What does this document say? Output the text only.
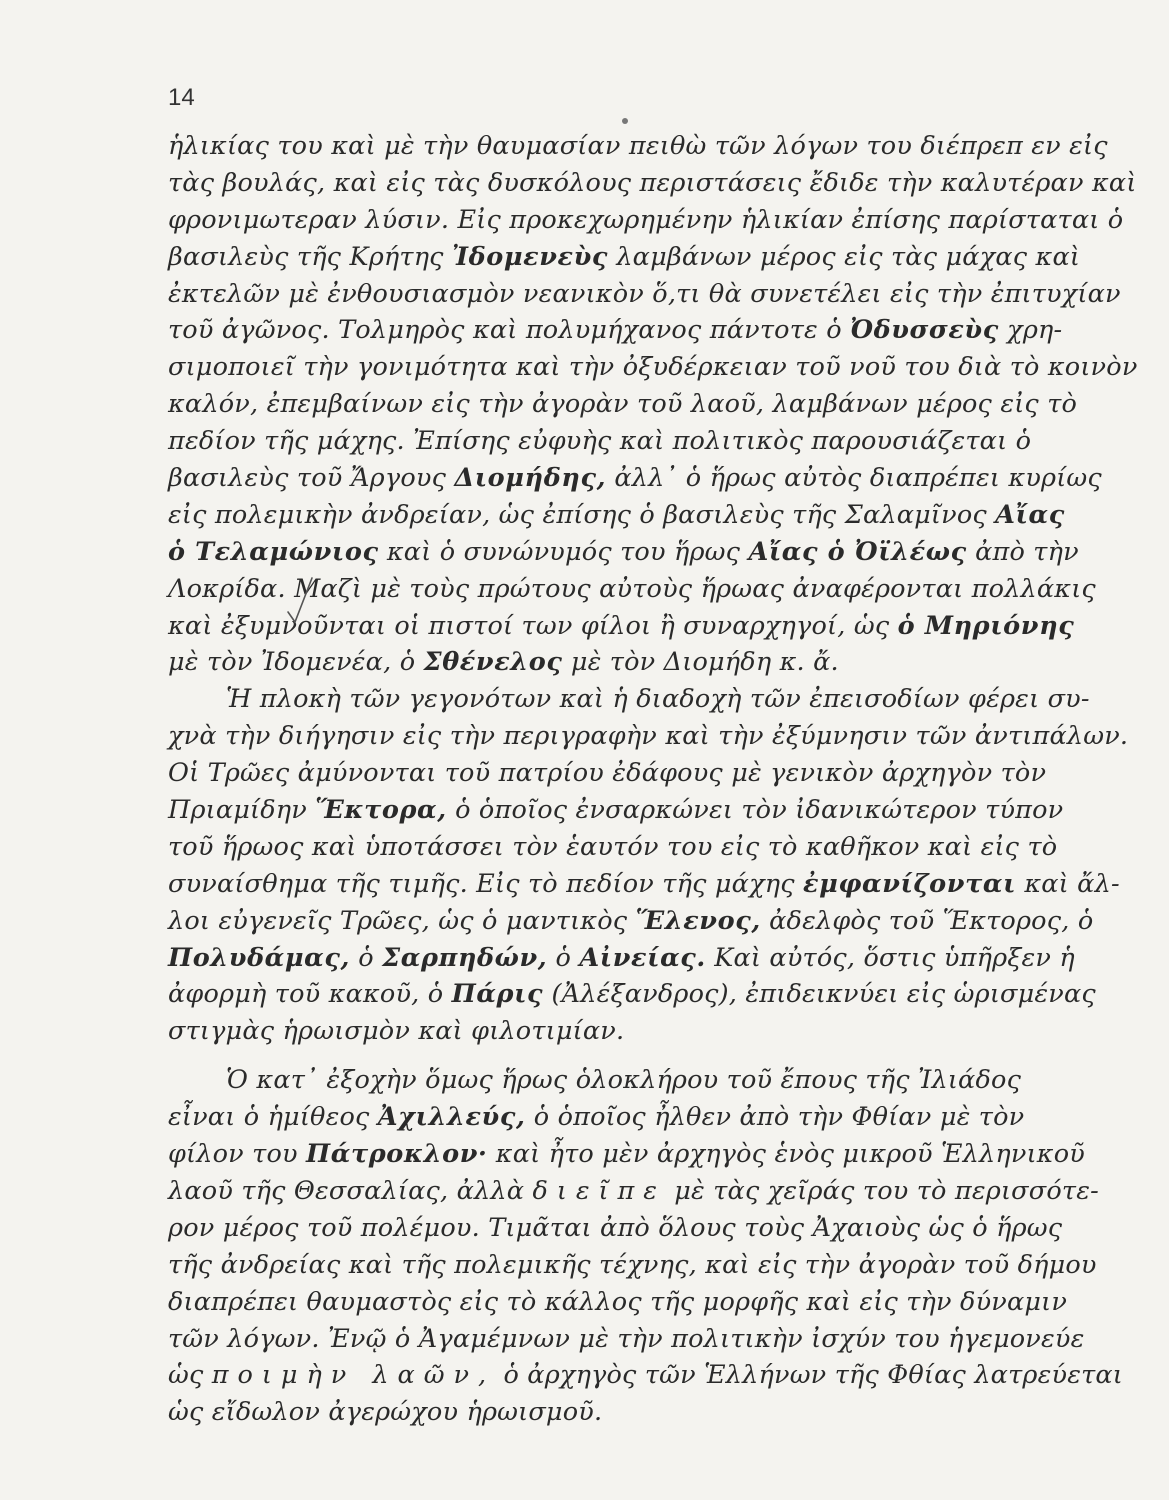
14
ἡλικίας του καὶ μὲ τὴν θαυμασίαν πειθὼ τῶν λόγων του διέπρεπ εν εἰς
τὰς βουλάς, καὶ εἰς τὰς δυσκόλους περιστάσεις ἔδιδε τὴν καλυτέραν καὶ
φρονιμωτεραν λύσιν. Εἰς προκεχωρημένην ἡλικίαν ἐπίσης παρίσταται ὁ
βασιλεὺς τῆς Κρήτης Ἰδομενεὺς λαμβάνων μέρος εἰς τὰς μάχας καὶ
ἐκτελῶν μὲ ἐνθουσιασμὸν νεανικὸν ὅ,τι θὰ συνετέλει εἰς τὴν ἐπιτυχίαν
τοῦ ἀγῶνος. Τολμηρὸς καὶ πολυμήχανος πάντοτε ὁ Ὀδυσσεὺς χρη-
σιμοποιεῖ τὴν γονιμότητα καὶ τὴν ὀξυδέρκειαν τοῦ νοῦ του διὰ τὸ κοινὸν
καλόν, ἐπεμβαίνων εἰς τὴν ἀγορὰν τοῦ λαοῦ, λαμβάνων μέρος εἰς τὸ
πεδίον τῆς μάχης. Ἐπίσης εὐφυὴς καὶ πολιτικὸς παρουσιάζεται ὁ
βασιλεὺς τοῦ Ἄργους Διομήδης, ἀλλ᾿ ὁ ἥρως αὐτὸς διαπρέπει κυρίως
εἰς πολεμικὴν ἀνδρείαν, ὡς ἐπίσης ὁ βασιλεὺς τῆς Σαλαμῖνος Αἴας
ὁ Τελαμώνιος καὶ ὁ συνώνυμός του ἥρως Αἴας ὁ Ὀϊλέως ἀπὸ τὴν
Λοκρίδα. Μαζὶ μὲ τοὺς πρώτους αὐτοὺς ἥρωας ἀναφέρονται πολλάκις
καὶ ἐξυμνοῦνται οἱ πιστοί των φίλοι ἢ συναρχηγοί, ὡς ὁ Μηριόνης
μὲ τὸν Ἰδομενέα, ὁ Σθένελος μὲ τὸν Διομήδη κ. ἄ.
Ἡ πλοκὴ τῶν γεγονότων καὶ ἡ διαδοχὴ τῶν ἐπεισοδίων φέρει συ-
χνὰ τὴν διήγησιν εἰς τὴν περιγραφὴν καὶ τὴν ἐξύμνησιν τῶν ἀντιπάλων.
Οἱ Τρῶες ἀμύνονται τοῦ πατρίου ἐδάφους μὲ γενικὸν ἀρχηγὸν τὸν
Πριαμίδην Ἕκτορα, ὁ ὁποῖος ἐνσαρκώνει τὸν ἰδανικώτερον τύπον
τοῦ ἥρωος καὶ ὑποτάσσει τὸν ἑαυτόν του εἰς τὸ καθῆκον καὶ εἰς τὸ
συναίσθημα τῆς τιμῆς. Εἰς τὸ πεδίον τῆς μάχης ἐμφανίζονται καὶ ἄλ-
λοι εὐγενεῖς Τρῶες, ὡς ὁ μαντικὸς Ἕλενος, ἀδελφὸς τοῦ Ἕκτορος, ὁ
Πολυδάμας, ὁ Σαρπηδών, ὁ Αἰνείας. Καὶ αὐτός, ὅστις ὑπῆρξεν ἡ
ἀφορμὴ τοῦ κακοῦ, ὁ Πάρις (Ἀλέξανδρος), ἐπιδεικνύει εἰς ὡρισμένας
στιγμὰς ἡρωισμὸν καὶ φιλοτιμίαν.
Ὁ κατ᾿ ἐξοχὴν ὅμως ἥρως ὁλοκλήρου τοῦ ἔπους τῆς Ἰλιάδος
εἶναι ὁ ἡμίθεος Ἀχιλλεύς, ὁ ὁποῖος ἦλθεν ἀπὸ τὴν Φθίαν μὲ τὸν
φίλον του Πάτροκλον· καὶ ἦτο μὲν ἀρχηγὸς ἑνὸς μικροῦ Ἑλληνικοῦ
λαοῦ τῆς Θεσσαλίας, ἀλλὰ διεῖπε μὲ τὰς χεῖράς του τὸ περισσότε-
ρον μέρος τοῦ πολέμου. Τιμᾶται ἀπὸ ὅλους τοὺς Ἀχαιοὺς ὡς ὁ ἥρως
τῆς ἀνδρείας καὶ τῆς πολεμικῆς τέχνης, καὶ εἰς τὴν ἀγορὰν τοῦ δήμου
διαπρέπει θαυμαστὸς εἰς τὸ κάλλος τῆς μορφῆς καὶ εἰς τὴν δύναμιν
τῶν λόγων. Ἐνῷ ὁ Ἀγαμέμνων μὲ τὴν πολιτικὴν ἰσχύν του ἡγεμονεύε
ὡς ποιμὴν λαῶν, ὁ ἀρχηγὸς τῶν Ἑλλήνων τῆς Φθίας λατρεύεται
ὡς εἴδωλον ἀγερώχου ἡρωισμοῦ.
